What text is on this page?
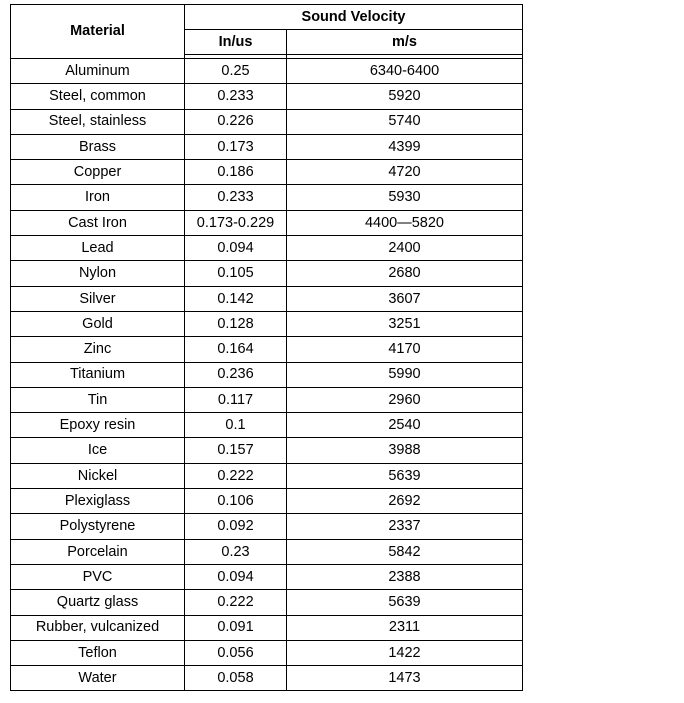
Material	Sound Velocity	
	In/us	m/s

Aluminum	0.25	6340-6400
Steel, common	0.233	5920
Steel, stainless	0.226	5740
Brass	0.173	4399
Copper	0.186	4720
Iron	0.233	5930
Cast Iron	0.173-0.229	4400—5820
Lead	0.094	2400
Nylon	0.105	2680
Silver	0.142	3607
Gold	0.128	3251
Zinc	0.164	4170
Titanium	0.236	5990
Tin	0.117	2960
Epoxy resin	0.1	2540
Ice	0.157	3988
Nickel	0.222	5639
Plexiglass	0.106	2692
Polystyrene	0.092	2337
Porcelain	0.23	5842
PVC	0.094	2388
Quartz glass	0.222	5639
Rubber, vulcanized	0.091	2311
Teflon	0.056	1422
Water	0.058	1473
